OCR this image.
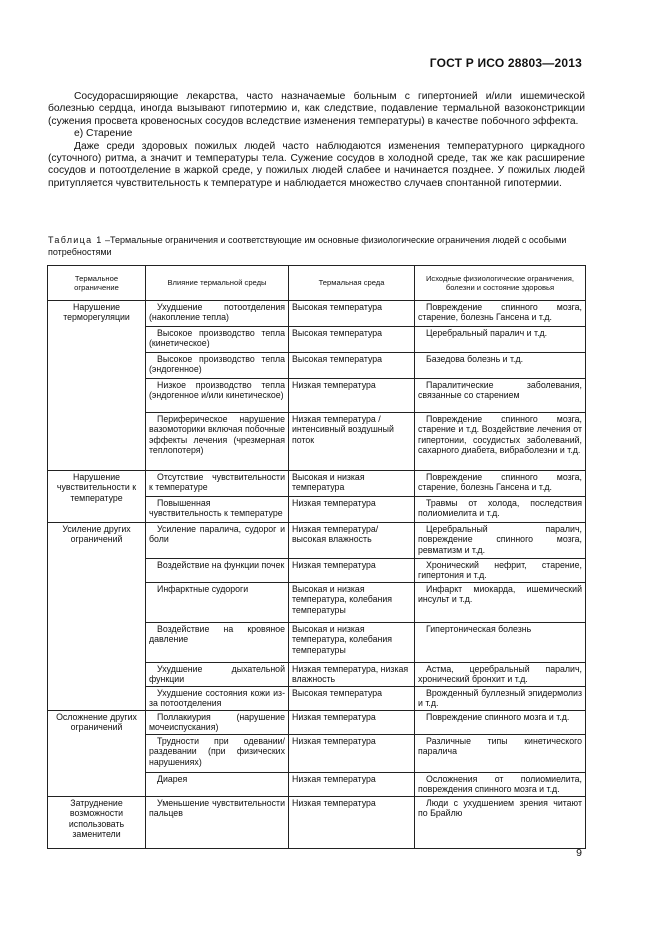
ГОСТ Р ИСО 28803—2013

Сосудорасширяющие лекарства, часто назначаемые больным с гипертонией и/или ишемической болезнью сердца, иногда вызывают гипотермию и, как следствие, подавление термальной вазоконстрикции (сужения просвета кровеносных сосудов вследствие изменения температуры) в качестве побочного эффекта.

е) Старение

Даже среди здоровых пожилых людей часто наблюдаются изменения температурного циркадного (суточного) ритма, а значит и температуры тела. Сужение сосудов в холодной среде, так же как расширение сосудов и потоотделение в жаркой среде, у пожилых людей слабее и начинается позднее. У пожилых людей притупляется чувствительность к температуре и наблюдается множество случаев спонтанной гипотермии.

Таблица 1 –Термальные ограничения и соответствующие им основные физиологические ограничения людей с особыми потребностями
Термальное ограничение	Влияние термальной среды	Термальная среда	Исходные физиологические ограничения, болезни и состояние здоровья
Нарушение терморегуляции	Ухудшение потоотделения (накопление тепла)	Высокая температура	Повреждение спинного мозга, старение, болезнь Гансена и т.д.
	Высокое производство тепла (кинетическое)	Высокая температура	Церебральный паралич и т.д.
	Высокое производство тепла (эндогенное)	Высокая температура	Базедова болезнь и т.д.
	Низкое производство тепла (эндогенное и/или кинетическое)	Низкая температура	Паралитические заболевания, связанные со старением
	Периферическое нарушение вазомоторики включая побочные эффекты лечения (чрезмерная теплопотеря)	Низкая температура /интенсивный воздушный поток	Повреждение спинного мозга, старение и т.д. Воздействие лечения от гипертонии, сосудистых заболеваний, сахарного диабета, вибраболезни и т.д.
Нарушение чувствительности к температуре	Отсутствие чувствительности к температуре	Высокая и низкая температура	Повреждение спинного мозга, старение, болезнь Гансена и т.д.
	Повышенная чувствительность к температуре	Низкая температура	Травмы от холода, последствия полиомиелита и т.д.
Усиление других ограничений	Усиление паралича, судорог и боли	Низкая температура/ высокая влажность	Церебральный паралич, повреждение спинного мозга, ревматизм и т.д.
	Воздействие на функции почек	Низкая температура	Хронический нефрит, старение, гипертония и т.д.
	Инфарктные судороги	Высокая и низкая температура, колебания температуры	Инфаркт миокарда, ишемический инсульт и т.д.
	Воздействие на кровяное давление	Высокая и низкая температура, колебания температуры	Гипертоническая болезнь
	Ухудшение дыхательной функции	Низкая температура, низкая влажность	Астма, церебральный паралич, хронический бронхит и т.д.
	Ухудшение состояния кожи из-за потоотделения	Высокая температура	Врожденный буллезный эпидермолиз и т.д.
Осложнение других ограничений	Поллакиурия (нарушение мочеиспускания)	Низкая температура	Повреждение спинного мозга и т.д.
	Трудности при одевании/ раздевании (при физических нарушениях)	Низкая температура	Различные типы кинетического паралича
	Диарея	Низкая температура	Осложнения от полиомиелита, повреждения спинного мозга и т.д.
Затруднение возможности использовать заменители	Уменьшение чувствительности пальцев	Низкая температура	Люди с ухудшением зрения читают по Брайлю
9
